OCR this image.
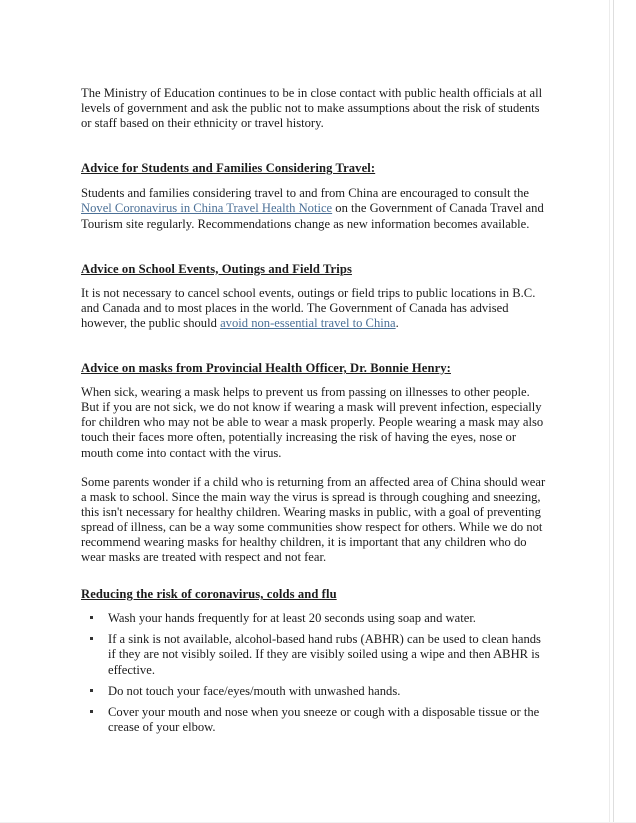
The Ministry of Education continues to be in close contact with public health officials at all levels of government and ask the public not to make assumptions about the risk of students or staff based on their ethnicity or travel history.

Advice for Students and Families Considering Travel:

Students and families considering travel to and from China are encouraged to consult the Novel Coronavirus in China Travel Health Notice on the Government of Canada Travel and Tourism site regularly. Recommendations change as new information becomes available.

Advice on School Events, Outings and Field Trips

It is not necessary to cancel school events, outings or field trips to public locations in B.C. and Canada and to most places in the world. The Government of Canada has advised however, the public should avoid non-essential travel to China.

Advice on masks from Provincial Health Officer, Dr. Bonnie Henry:

When sick, wearing a mask helps to prevent us from passing on illnesses to other people. But if you are not sick, we do not know if wearing a mask will prevent infection, especially for children who may not be able to wear a mask properly. People wearing a mask may also touch their faces more often, potentially increasing the risk of having the eyes, nose or mouth come into contact with the virus.

Some parents wonder if a child who is returning from an affected area of China should wear a mask to school. Since the main way the virus is spread is through coughing and sneezing, this isn't necessary for healthy children. Wearing masks in public, with a goal of preventing spread of illness, can be a way some communities show respect for others. While we do not recommend wearing masks for healthy children, it is important that any children who do wear masks are treated with respect and not fear.

Reducing the risk of coronavirus, colds and flu
Wash your hands frequently for at least 20 seconds using soap and water.
If a sink is not available, alcohol-based hand rubs (ABHR) can be used to clean hands if they are not visibly soiled. If they are visibly soiled using a wipe and then ABHR is effective.
Do not touch your face/eyes/mouth with unwashed hands.
Cover your mouth and nose when you sneeze or cough with a disposable tissue or the crease of your elbow.
